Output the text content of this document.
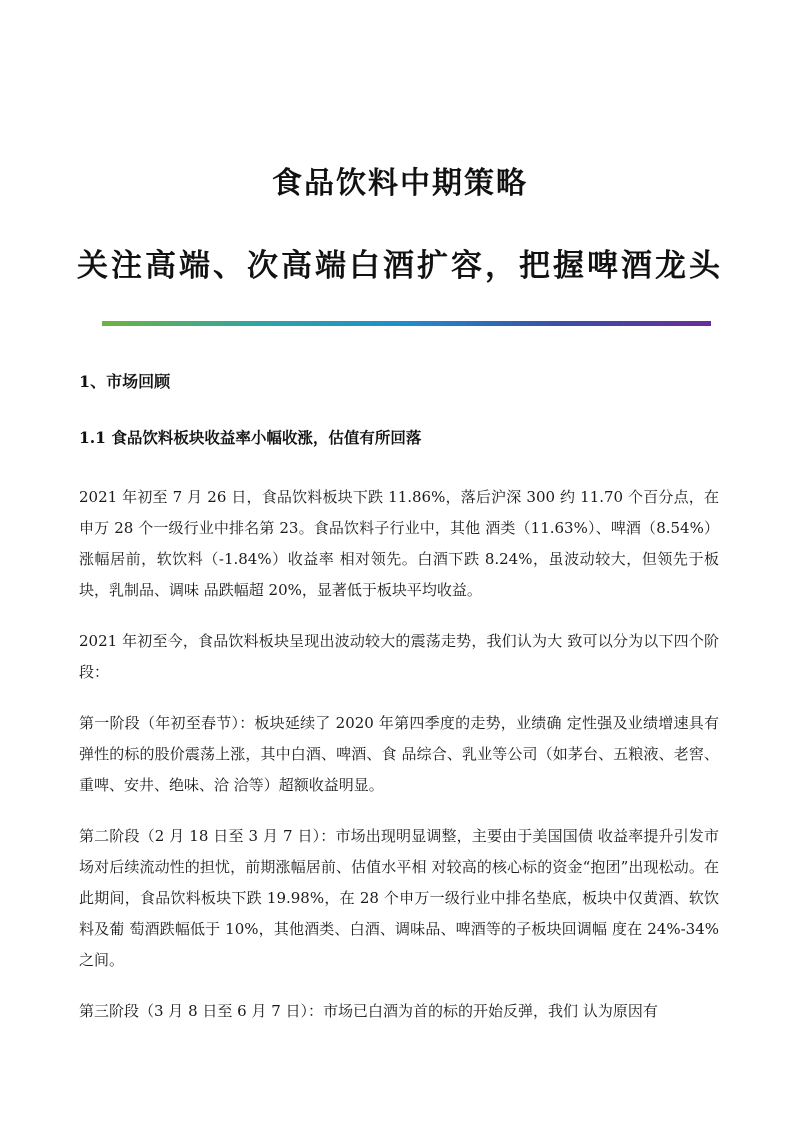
食品饮料中期策略
关注高端、次高端白酒扩容，把握啤酒龙头
1、市场回顾
1.1 食品饮料板块收益率小幅收涨，估值有所回落

2021 年初至 7 月 26 日，食品饮料板块下跌 11.86%，落后沪深 300 约 11.70 个百分点，在申万 28 个一级行业中排名第 23。食品饮料子行业中，其他 酒类（11.63%）、啤酒（8.54%）涨幅居前，软饮料（-1.84%）收益率 相对领先。白酒下跌 8.24%，虽波动较大，但领先于板块，乳制品、调味 品跌幅超 20%，显著低于板块平均收益。

2021 年初至今，食品饮料板块呈现出波动较大的震荡走势，我们认为大 致可以分为以下四个阶段：

第一阶段（年初至春节）：板块延续了 2020 年第四季度的走势，业绩确 定性强及业绩增速具有弹性的标的股价震荡上涨，其中白酒、啤酒、食 品综合、乳业等公司（如茅台、五粮液、老窖、重啤、安井、绝味、洽 洽等）超额收益明显。

第二阶段（2 月 18 日至 3 月 7 日）：市场出现明显调整，主要由于美国国债 收益率提升引发市场对后续流动性的担忧，前期涨幅居前、估值水平相 对较高的核心标的资金“抱团”出现松动。在此期间，食品饮料板块下跌 19.98%，在 28 个申万一级行业中排名垫底，板块中仅黄酒、软饮料及葡 萄酒跌幅低于 10%，其他酒类、白酒、调味品、啤酒等的子板块回调幅 度在 24%-34%之间。

第三阶段（3 月 8 日至 6 月 7 日）：市场已白酒为首的标的开始反弹，我们 认为原因有
